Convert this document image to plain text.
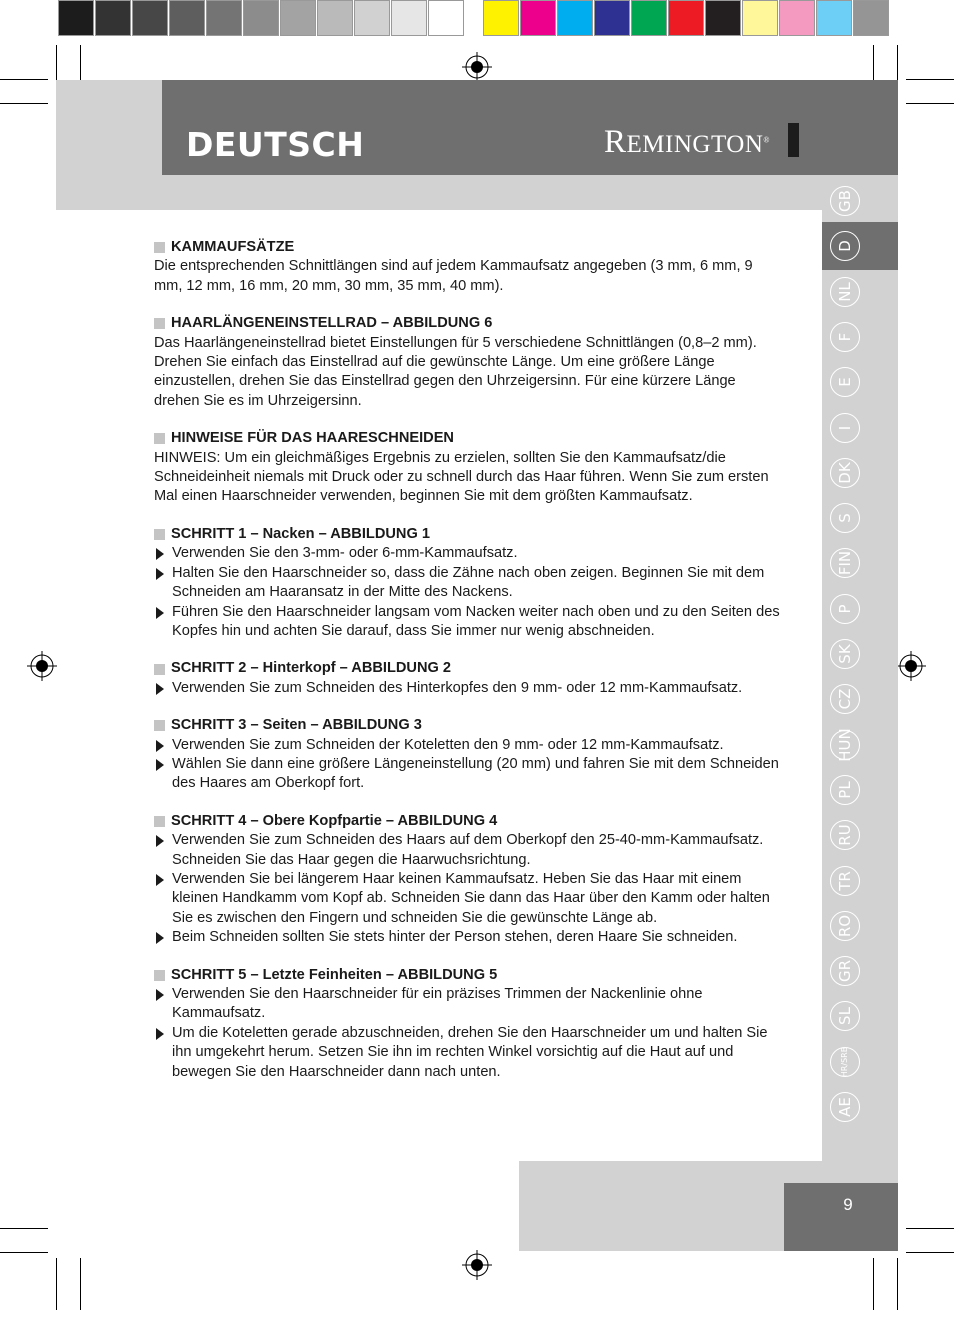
DEUTSCH	REMINGTON®
GB
D
NL
F
E
I
DK
S
FIN
P
SK
CZ
HUN
PL
RU
TR
RO
GR
SL
HR/SRB
AE
KAMMAUFSÄTZE

Die entsprechenden Schnittlängen sind auf jedem Kammaufsatz angegeben (3 mm, 6 mm, 9 mm, 12 mm, 16 mm, 20 mm, 30 mm, 35 mm, 40 mm).

HAARLÄNGENEINSTELLRAD – ABBILDUNG 6

Das Haarlängeneinstellrad bietet Einstellungen für 5 verschiedene Schnittlängen (0,8–2 mm). Drehen Sie einfach das Einstellrad auf die gewünschte Länge. Um eine größere Länge einzustellen, drehen Sie das Einstellrad gegen den Uhrzeigersinn. Für eine kürzere Länge drehen Sie es im Uhrzeigersinn.

HINWEISE FÜR DAS HAARESCHNEIDEN

HINWEIS: Um ein gleichmäßiges Ergebnis zu erzielen, sollten Sie den Kammaufsatz/die Schneideinheit niemals mit Druck oder zu schnell durch das Haar führen. Wenn Sie zum ersten Mal einen Haarschneider verwenden, beginnen Sie mit dem größten Kammaufsatz.

SCHRITT 1 – Nacken – ABBILDUNG 1
Verwenden Sie den 3-mm- oder 6-mm-Kammaufsatz.
Halten Sie den Haarschneider so, dass die Zähne nach oben zeigen. Beginnen Sie mit dem Schneiden am Haaransatz in der Mitte des Nackens.
Führen Sie den Haarschneider langsam vom Nacken weiter nach oben und zu den Seiten des Kopfes hin und achten Sie darauf, dass Sie immer nur wenig abschneiden.
SCHRITT 2 – Hinterkopf – ABBILDUNG 2
Verwenden Sie zum Schneiden des Hinterkopfes den 9 mm- oder 12 mm-Kammaufsatz.
SCHRITT 3 – Seiten – ABBILDUNG 3
Verwenden Sie zum Schneiden der Koteletten den 9 mm- oder 12 mm-Kammaufsatz.
Wählen Sie dann eine größere Längeneinstellung (20 mm) und fahren Sie mit dem Schneiden des Haares am Oberkopf fort.
SCHRITT 4 – Obere Kopfpartie – ABBILDUNG 4
Verwenden Sie zum Schneiden des Haars auf dem Oberkopf den 25-40-mm-Kammaufsatz. Schneiden Sie das Haar gegen die Haarwuchsrichtung.
Verwenden Sie bei längerem Haar keinen Kammaufsatz. Heben Sie das Haar mit einem kleinen Handkamm vom Kopf ab. Schneiden Sie dann das Haar über den Kamm oder halten Sie es zwischen den Fingern und schneiden Sie die gewünschte Länge ab.
Beim Schneiden sollten Sie stets hinter der Person stehen, deren Haare Sie schneiden.
SCHRITT 5 – Letzte Feinheiten – ABBILDUNG 5
Verwenden Sie den Haarschneider für ein präzises Trimmen der Nackenlinie ohne Kammaufsatz.
Um die Koteletten gerade abzuschneiden, drehen Sie den Haarschneider um und halten Sie ihn umgekehrt herum. Setzen Sie ihn im rechten Winkel vorsichtig auf die Haut auf und bewegen Sie den Haarschneider dann nach unten.
9
